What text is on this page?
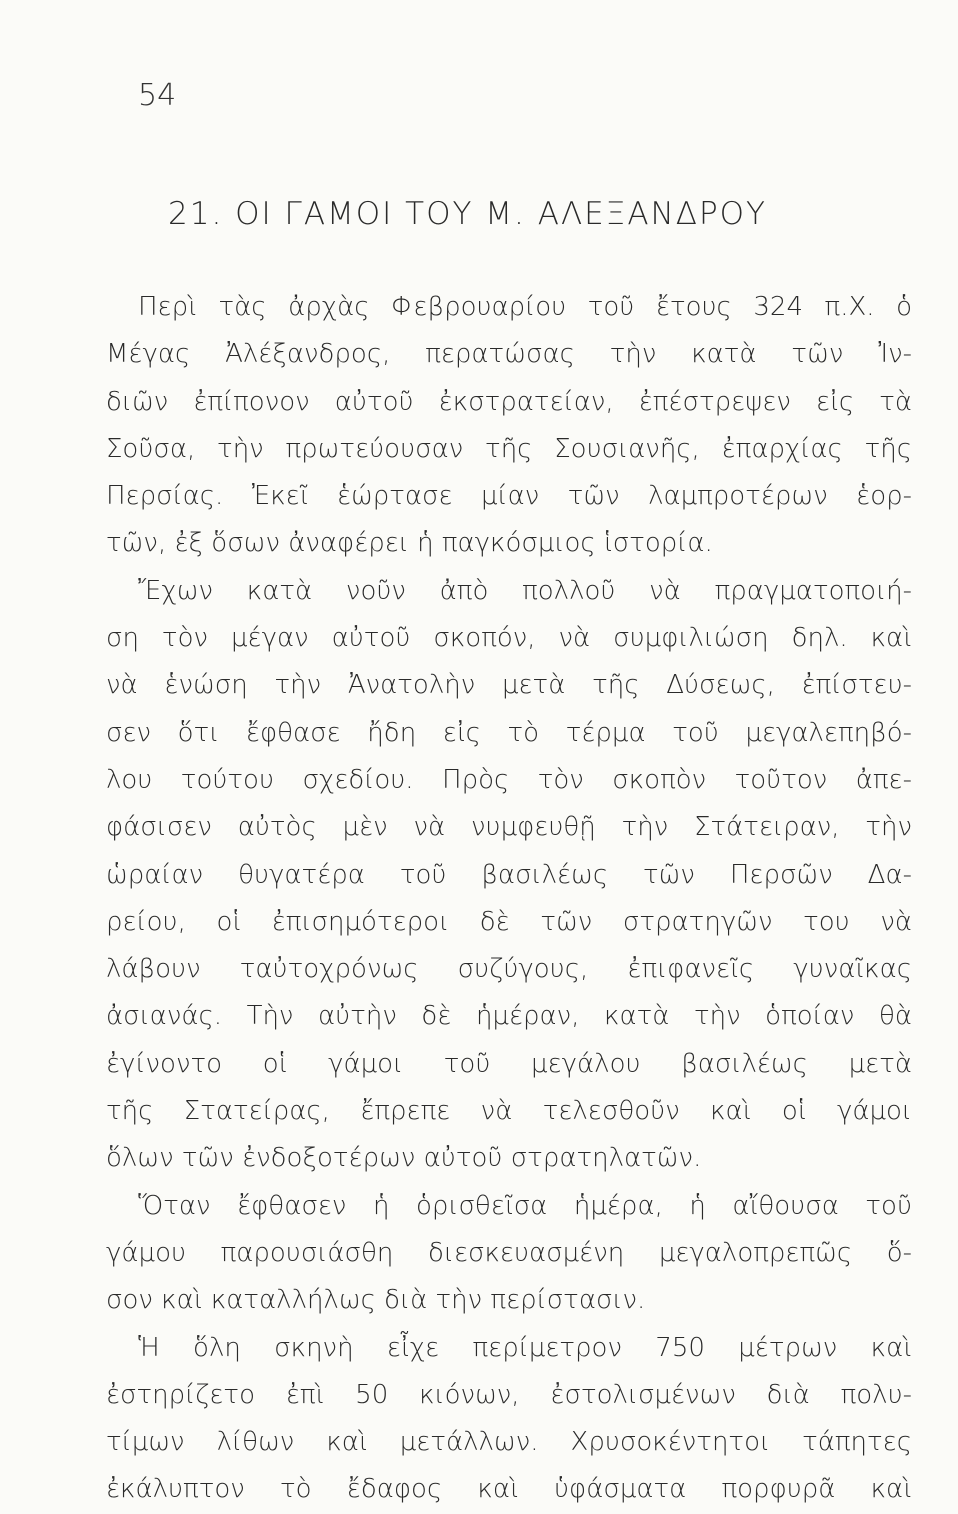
54
21. ΟΙ ΓΑΜΟΙ ΤΟΥ Μ. ΑΛΕΞΑΝΔΡΟΥ
Περὶ τὰς ἀρχὰς Φεβρουαρίου τοῦ ἔτους 324 π.Χ. ὁ
Μέγας Ἀλέξανδρος, περατώσας τὴν κατὰ τῶν Ἰν-
διῶν ἐπίπονον αὐτοῦ ἐκστρατείαν, ἐπέστρεψεν εἰς τὰ
Σοῦσα, τὴν πρωτεύουσαν τῆς Σουσιανῆς, ἐπαρχίας τῆς
Περσίας. Ἐκεῖ ἑώρτασε μίαν τῶν λαμπροτέρων ἑορ-
τῶν, ἐξ ὅσων ἀναφέρει ἡ παγκόσμιος ἱστορία.
Ἔχων κατὰ νοῦν ἀπὸ πολλοῦ νὰ πραγματοποιή-
ση τὸν μέγαν αὐτοῦ σκοπόν, νὰ συμφιλιώση δηλ. καὶ
νὰ ἑνώση τὴν Ἀνατολὴν μετὰ τῆς Δύσεως, ἐπίστευ-
σεν ὅτι ἔφθασε ἤδη εἰς τὸ τέρμα τοῦ μεγαλεπηβό-
λου τούτου σχεδίου. Πρὸς τὸν σκοπὸν τοῦτον ἀπε-
φάσισεν αὐτὸς μὲν νὰ νυμφευθῇ τὴν Στάτειραν, τὴν
ὡραίαν θυγατέρα τοῦ βασιλέως τῶν Περσῶν Δα-
ρείου, οἱ ἐπισημότεροι δὲ τῶν στρατηγῶν του νὰ
λάβουν ταὐτοχρόνως συζύγους, ἐπιφανεῖς γυναῖκας
ἀσιανάς. Τὴν αὐτὴν δὲ ἡμέραν, κατὰ τὴν ὁποίαν θὰ
ἐγίνοντο οἱ γάμοι τοῦ μεγάλου βασιλέως μετὰ
τῆς Στατείρας, ἔπρεπε νὰ τελεσθοῦν καὶ οἱ γάμοι
ὅλων τῶν ἐνδοξοτέρων αὐτοῦ στρατηλατῶν.
Ὅταν ἔφθασεν ἡ ὁρισθεῖσα ἡμέρα, ἡ αἴθουσα τοῦ
γάμου παρουσιάσθη διεσκευασμένη μεγαλοπρεπῶς ὅ-
σον καὶ καταλλήλως διὰ τὴν περίστασιν.
Ἡ ὅλη σκηνὴ εἶχε περίμετρον 750 μέτρων καὶ
ἐστηρίζετο ἐπὶ 50 κιόνων, ἐστολισμένων διὰ πολυ-
τίμων λίθων καὶ μετάλλων. Χρυσοκέντητοι τάπητες
ἐκάλυπτον τὸ ἔδαφος καὶ ὑφάσματα πορφυρᾶ καὶ
